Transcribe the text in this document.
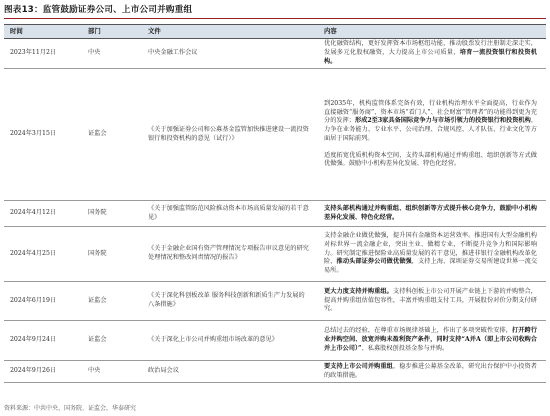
图表13：监管鼓励证券公司、上市公司并购重组
时间	部门	文件	内容
2023年11月2日	中央	中央金融工作会议	优化融资结构，更好发挥资本市场枢纽功能，推动股票发行注册制走深走实，发展多元化股权融资，大力提高上市公司质量，培育一流投资银行和投资机构。

2024年3月15日	证监会	《关于加强证券公司和公募基金监管加快推进建设一流投资银行和投资机构的意见（试行）》	到2035年，机构监管体系完备有效，行业机构治理水平全面提高，行业作为直接融资“服务商”、资本市场“看门人”、社会财富“管理者”的功能得到更为充分的发挥；形成2至3家具备国际竞争力与市场引领力的投资银行和投资机构，力争在业务能力、专业水平、公司治理、合规风控、人才队伍、行业文化等方面居于国际前列。
适度拓宽优质机构资本空间，支持头部机构通过并购重组、组织创新等方式做优做强。鼓励中小机构差异化发展、特色化经营。

2024年4月12日	国务院	《关于加强监管防范风险推动资本市场高质量发展的若干意见》	支持头部机构通过并购重组、组织创新等方式提升核心竞争力，鼓励中小机构差异化发展、特色化经营。

2024年4月25日	国务院	《关于金融企业国有资产管理情况专项报告审议意见的研究处理情况和整改问责情况的报告》	支持金融企业做优做强，提升国有金融资本运营效率。推进国有大型金融机构对标世界一流金融企业，突出主业、做精专业，不断提升竞争力和国际影响力。研究制定推进保险业高质量发展的若干意见，推进非银行金融机构改革化险，推动头部证券公司做优做强，支持上海、深圳证券交易所建设世界一流交易所。

2024年6月19日	证监会	《关于深化科创板改革 服务科技创新和新质生产力发展的八条措施》	更大力度支持并购重组。支持科创板上市公司开展产业链上下游的并购整合，提高并购重组估值包容性，丰富并购重组支付工具，开展股份对价分期支付研究。

2024年9月24日	证监会	《关于深化上市公司并购重组市场改革的意见》	总结过去的经验，在尊重市场规律基础上，作出了多项突破性安排，打开跨行业并购空间、放宽并购未盈利资产条件，同时支持“A并A（即上市公司收购合并上市公司）”、私募股权创投基金参与并购。

2024年9月26日	中央	政治局会议	要支持上市公司并购重组，稳步推进公募基金改革，研究出台保护中小投资者的政策措施。
资料来源：中共中央、国务院、证监会，华泰研究
